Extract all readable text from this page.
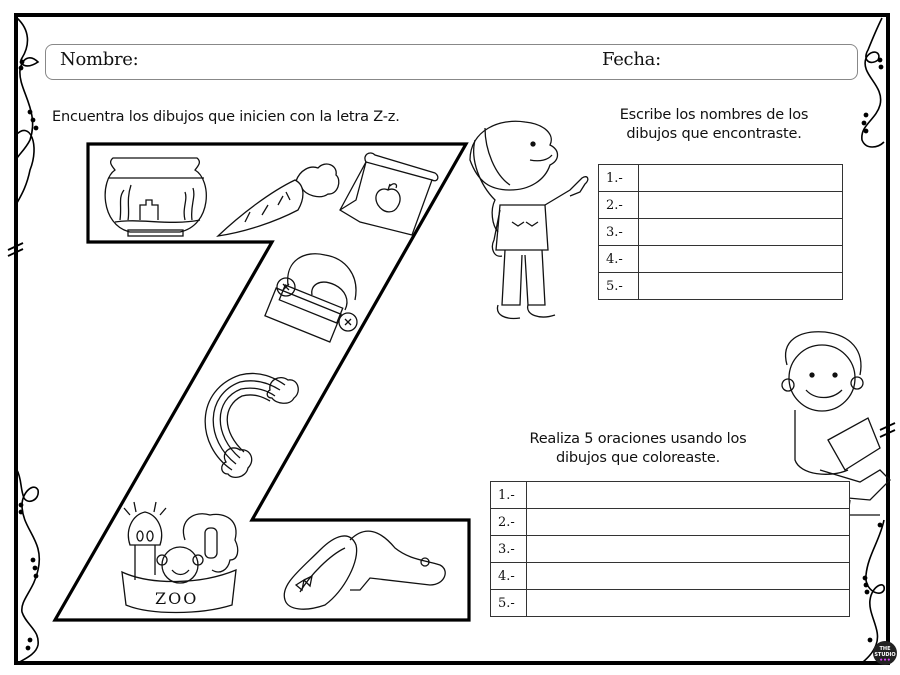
ZOO
Nombre:	Fecha:
Encuentra los dibujos que inicien con la letra Z-z.	Escribe los nombres de los
dibujos que encontraste.
1.-	
2.-	
3.-	
4.-	
5.-	
Realiza 5 oraciones usando los
dibujos que coloreaste.
1.-	
2.-	
3.-	
4.-	
5.-	
THE
STUDIO
•••
